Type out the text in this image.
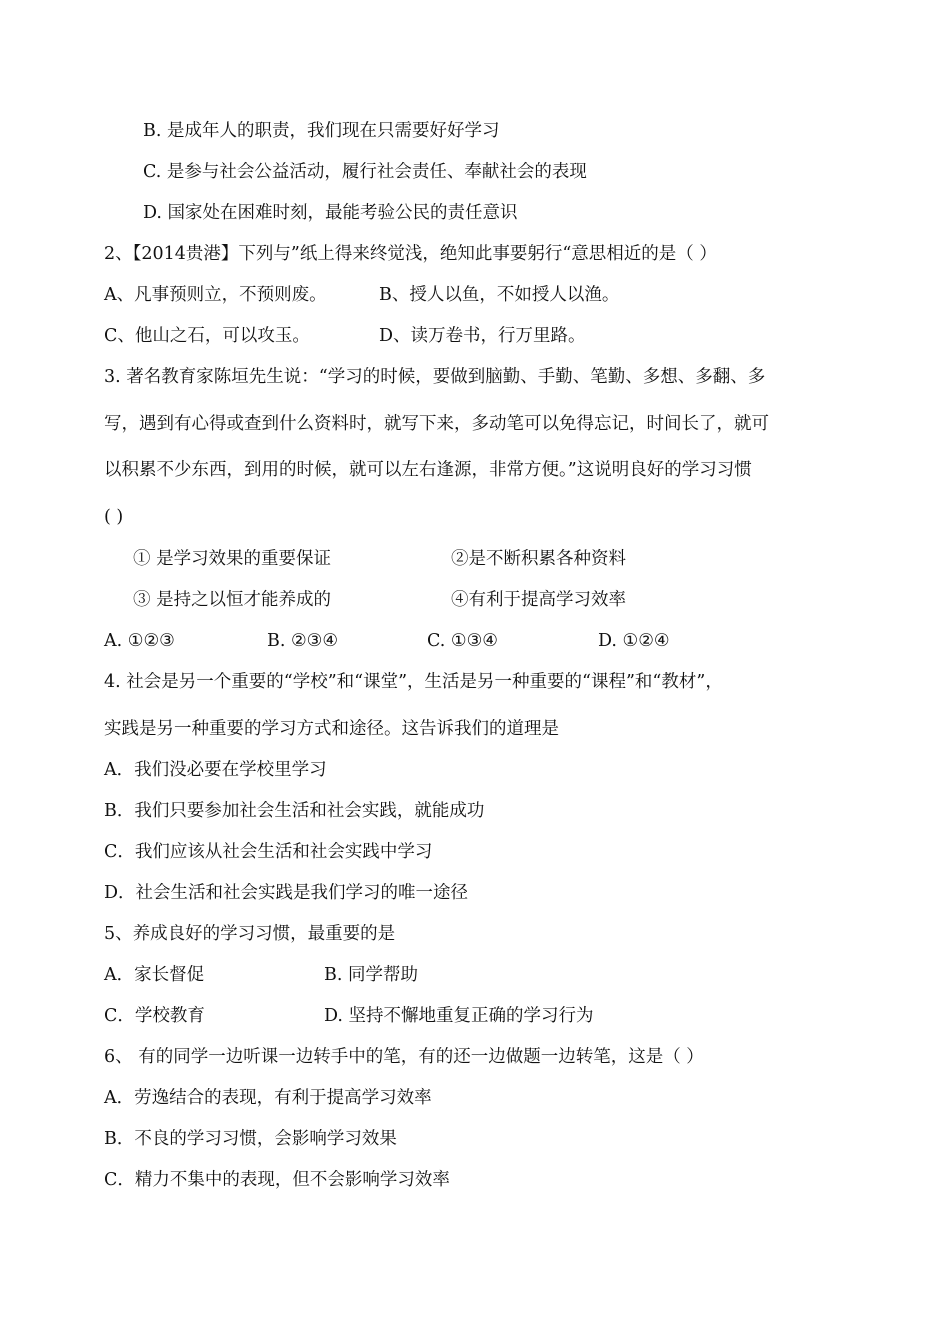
B. 是成年人的职责，我们现在只需要好好学习
C. 是参与社会公益活动，履行社会责任、奉献社会的表现
D. 国家处在困难时刻，最能考验公民的责任意识
2、【2014贵港】下列与”纸上得来终觉浅，绝知此事要躬行“意思相近的是（ ）
A、凡事预则立，不预则废。	B、授人以鱼，不如授人以渔。
C、他山之石，可以攻玉。	D、读万卷书，行万里路。
3. 著名教育家陈垣先生说：“学习的时候，要做到脑勤、手勤、笔勤、多想、多翻、多
写，遇到有心得或查到什么资料时，就写下来，多动笔可以免得忘记，时间长了，就可
以积累不少东西，到用的时候，就可以左右逢源，非常方便。”这说明良好的学习习惯
( )
① 是学习效果的重要保证	②是不断积累各种资料
③ 是持之以恒才能养成的	④有利于提高学习效率
A. ①②③	B. ②③④	C. ①③④	D. ①②④
4. 社会是另一个重要的“学校”和“课堂”，生活是另一种重要的“课程”和“教材”，
实践是另一种重要的学习方式和途径。这告诉我们的道理是
A．我们没必要在学校里学习
B．我们只要参加社会生活和社会实践，就能成功
C．我们应该从社会生活和社会实践中学习
D．社会生活和社会实践是我们学习的唯一途径
5、养成良好的学习习惯，最重要的是
A．家长督促	B. 同学帮助
C．学校教育	D. 坚持不懈地重复正确的学习行为
6、 有的同学一边听课一边转手中的笔，有的还一边做题一边转笔，这是（ ）
A．劳逸结合的表现，有利于提高学习效率
B．不良的学习习惯，会影响学习效果
C．精力不集中的表现，但不会影响学习效率
